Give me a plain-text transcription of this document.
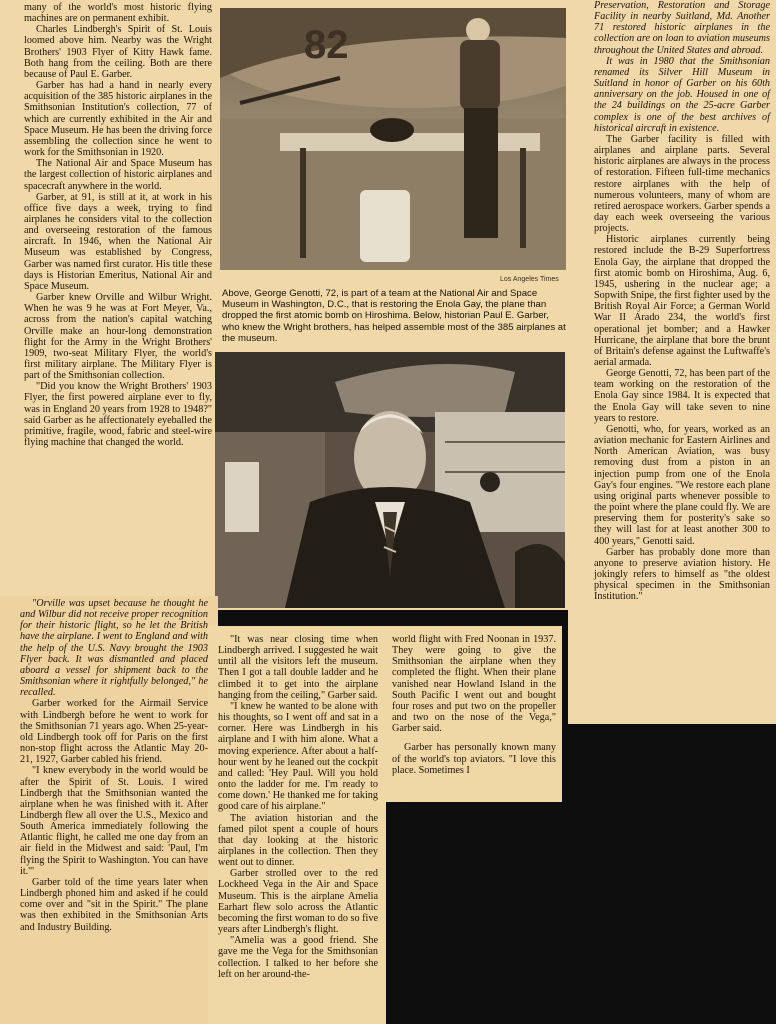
many of the world's most historic flying machines are on permanent exhibit.

Charles Lindbergh's Spirit of St. Louis loomed above him. Nearby was the Wright Brothers' 1903 Flyer of Kitty Hawk fame. Both hang from the ceiling. Both are there because of Paul E. Garber.

Garber has had a hand in nearly every acquisition of the 385 historic airplanes in the Smithsonian Institution's collection, 77 of which are currently exhibited in the Air and Space Museum. He has been the driving force assembling the collection since he went to work for the Smithsonian in 1920.

The National Air and Space Museum has the largest collection of historic airplanes and spacecraft anywhere in the world.

Garber, at 91, is still at it, at work in his office five days a week, trying to find airplanes he considers vital to the collection and overseeing restoration of the famous aircraft. In 1946, when the National Air Museum was established by Congress, Garber was named first curator. His title these days is Historian Emeritus, National Air and Space Museum.

Garber knew Orville and Wilbur Wright. When he was 9 he was at Fort Meyer, Va., across from the nation's capital watching Orville make an hour-long demonstration flight for the Army in the Wright Brothers' 1909, two-seat Military Flyer, the world's first military airplane. The Military Flyer is part of the Smithsonian collection.

"Did you know the Wright Brothers' 1903 Flyer, the first powered airplane ever to fly, was in England 20 years from 1928 to 1948?" said Garber as he affectionately eyeballed the primitive, fragile, wood, fabric and steel-wire flying machine that changed the world.

82
Los Angeles Times
Above, George Genotti, 72, is part of a team at the National Air and Space Museum in Washington, D.C., that is restoring the Enola Gay, the plane than dropped the first atomic bomb on Hiroshima. Below, historian Paul E. Garber, who knew the Wright brothers, has helped assemble most of the 385 airplanes at the museum.

"Orville was upset because he thought he and Wilbur did not receive proper recognition for their historic flight, so he let the British have the airplane. I went to England and with the help of the U.S. Navy brought the 1903 Flyer back. It was dismantled and placed aboard a vessel for shipment back to the Smithsonian where it rightfully belonged," he recalled.

Garber worked for the Airmail Service with Lindbergh before he went to work for the Smithsonian 71 years ago. When 25-year-old Lindbergh took off for Paris on the first non-stop flight across the Atlantic May 20-21, 1927, Garber cabled his friend.

"I knew everybody in the world would be after the Spirit of St. Louis. I wired Lindbergh that the Smithsonian wanted the airplane when he was finished with it. After Lindbergh flew all over the U.S., Mexico and South America immediately following the Atlantic flight, he called me one day from an air field in the Midwest and said: 'Paul, I'm flying the Spirit to Washington. You can have it.'"

Garber told of the time years later when Lindbergh phoned him and asked if he could come over and "sit in the Spirit." The plane was then exhibited in the Smithsonian Arts and Industry Building.

"It was near closing time when Lindbergh arrived. I suggested he wait until all the visitors left the museum. Then I got a tall double ladder and he climbed it to get into the airplane hanging from the ceiling," Garber said.

"I knew he wanted to be alone with his thoughts, so I went off and sat in a corner. Here was Lindbergh in his airplane and I with him alone. What a moving experience. After about a half-hour went by he leaned out the cockpit and called: 'Hey Paul. Will you hold onto the ladder for me. I'm ready to come down.' He thanked me for taking good care of his airplane."

The aviation historian and the famed pilot spent a couple of hours that day looking at the historic airplanes in the collection. Then they went out to dinner.

Garber strolled over to the red Lockheed Vega in the Air and Space Museum. This is the airplane Amelia Earhart flew solo across the Atlantic becoming the first woman to do so five years after Lindbergh's flight.

"Amelia was a good friend. She gave me the Vega for the Smithsonian collection. I talked to her before she left on her around-the-

world flight with Fred Noonan in 1937. They were going to give the Smithsonian the airplane when they completed the flight. When their plane vanished near Howland Island in the South Pacific I went out and bought four roses and put two on the propeller and two on the nose of the Vega," Garber said.

Garber has personally known many of the world's top aviators. "I love this place. Sometimes I

Preservation, Restoration and Storage Facility in nearby Suitland, Md. Another 71 restored historic airplanes in the collection are on loan to aviation museums throughout the United States and abroad.

It was in 1980 that the Smithsonian renamed its Silver Hill Museum in Suitland in honor of Garber on his 60th anniversary on the job. Housed in one of the 24 buildings on the 25-acre Garber complex is one of the best archives of historical aircraft in existence.

The Garber facility is filled with airplanes and airplane parts. Several historic airplanes are always in the process of restoration. Fifteen full-time mechanics restore airplanes with the help of numerous volunteers, many of whom are retired aerospace workers. Garber spends a day each week overseeing the various projects.

Historic airplanes currently being restored include the B-29 Superfortress Enola Gay, the airplane that dropped the first atomic bomb on Hiroshima, Aug. 6, 1945, ushering in the nuclear age; a Sopwith Snipe, the first fighter used by the British Royal Air Force; a German World War II Arado 234, the world's first operational jet bomber; and a Hawker Hurricane, the airplane that bore the brunt of Britain's defense against the Luftwaffe's aerial armada.

George Genotti, 72, has been part of the team working on the restoration of the Enola Gay since 1984. It is expected that the Enola Gay will take seven to nine years to restore.

Genotti, who, for years, worked as an aviation mechanic for Eastern Airlines and North American Aviation, was busy removing dust from a piston in an injection pump from one of the Enola Gay's four engines. "We restore each plane using original parts whenever possible to the point where the plane could fly. We are preserving them for posterity's sake so they will last for at least another 300 to 400 years," Genotti said.

Garber has probably done more than anyone to preserve aviation history. He jokingly refers to himself as "the oldest physical specimen in the Smithsonian Institution."
